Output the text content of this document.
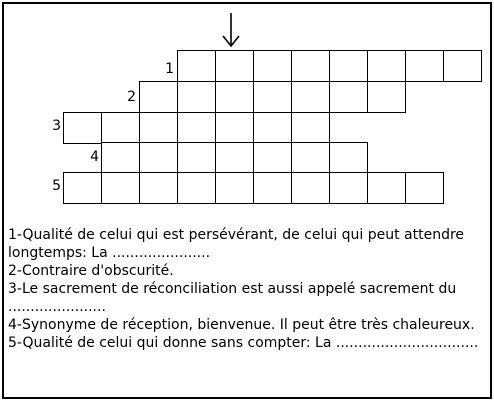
1
2
3
4
5

1-Qualité de celui qui est persévérant, de celui qui peut attendre longtemps: La ......................

2-Contraire d'obscurité.

3-Le sacrement de réconciliation est aussi appelé sacrement du ......................

4-Synonyme de réception, bienvenue. Il peut être très chaleureux.

5-Qualité de celui qui donne sans compter: La ................................
